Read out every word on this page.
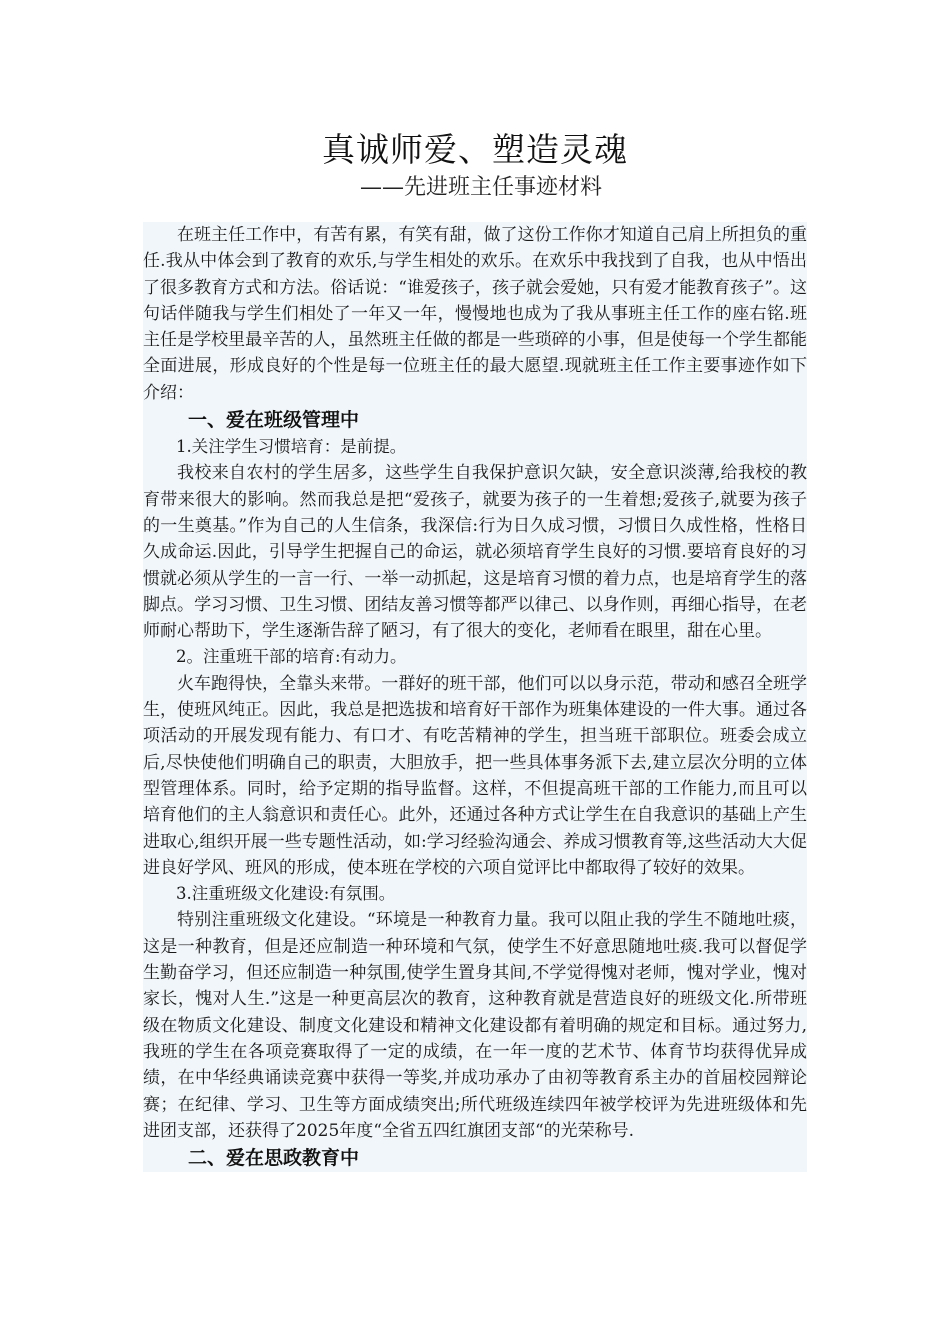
真诚师爱、塑造灵魂
——先进班主任事迹材料

在班主任工作中，有苦有累，有笑有甜，做了这份工作你才知道自己肩上所担负的重任.我从中体会到了教育的欢乐,与学生相处的欢乐。在欢乐中我找到了自我，也从中悟出了很多教育方式和方法。俗话说：“谁爱孩子，孩子就会爱她，只有爱才能教育孩子”。这句话伴随我与学生们相处了一年又一年，慢慢地也成为了我从事班主任工作的座右铭.班主任是学校里最辛苦的人，虽然班主任做的都是一些琐碎的小事，但是使每一个学生都能全面进展，形成良好的个性是每一位班主任的最大愿望.现就班主任工作主要事迹作如下介绍：

一、爱在班级管理中

1.关注学生习惯培育：是前提。

我校来自农村的学生居多，这些学生自我保护意识欠缺，安全意识淡薄,给我校的教育带来很大的影响。然而我总是把“爱孩子，就要为孩子的一生着想;爱孩子,就要为孩子的一生奠基。”作为自己的人生信条，我深信:行为日久成习惯，习惯日久成性格，性格日久成命运.因此，引导学生把握自己的命运，就必须培育学生良好的习惯.要培育良好的习惯就必须从学生的一言一行、一举一动抓起，这是培育习惯的着力点，也是培育学生的落脚点。学习习惯、卫生习惯、团结友善习惯等都严以律己、以身作则，再细心指导，在老师耐心帮助下，学生逐渐告辞了陋习，有了很大的变化，老师看在眼里，甜在心里。

2。注重班干部的培育:有动力。

火车跑得快，全靠头来带。一群好的班干部，他们可以以身示范，带动和感召全班学生，使班风纯正。因此，我总是把选拔和培育好干部作为班集体建设的一件大事。通过各项活动的开展发现有能力、有口才、有吃苦精神的学生，担当班干部职位。班委会成立后,尽快使他们明确自己的职责，大胆放手，把一些具体事务派下去,建立层次分明的立体型管理体系。同时，给予定期的指导监督。这样，不但提高班干部的工作能力,而且可以培育他们的主人翁意识和责任心。此外，还通过各种方式让学生在自我意识的基础上产生进取心,组织开展一些专题性活动，如:学习经验沟通会、养成习惯教育等,这些活动大大促进良好学风、班风的形成，使本班在学校的六项自觉评比中都取得了较好的效果。

3.注重班级文化建设:有氛围。

特别注重班级文化建设。“环境是一种教育力量。我可以阻止我的学生不随地吐痰，这是一种教育，但是还应制造一种环境和气氛，使学生不好意思随地吐痰.我可以督促学生勤奋学习，但还应制造一种氛围,使学生置身其间,不学觉得愧对老师，愧对学业，愧对家长，愧对人生.”这是一种更高层次的教育，这种教育就是营造良好的班级文化.所带班级在物质文化建设、制度文化建设和精神文化建设都有着明确的规定和目标。通过努力,我班的学生在各项竞赛取得了一定的成绩，在一年一度的艺术节、体育节均获得优异成绩，在中华经典诵读竞赛中获得一等奖,并成功承办了由初等教育系主办的首届校园辩论赛；在纪律、学习、卫生等方面成绩突出;所代班级连续四年被学校评为先进班级体和先进团支部，还获得了2025年度“全省五四红旗团支部“的光荣称号.

二、爱在思政教育中
